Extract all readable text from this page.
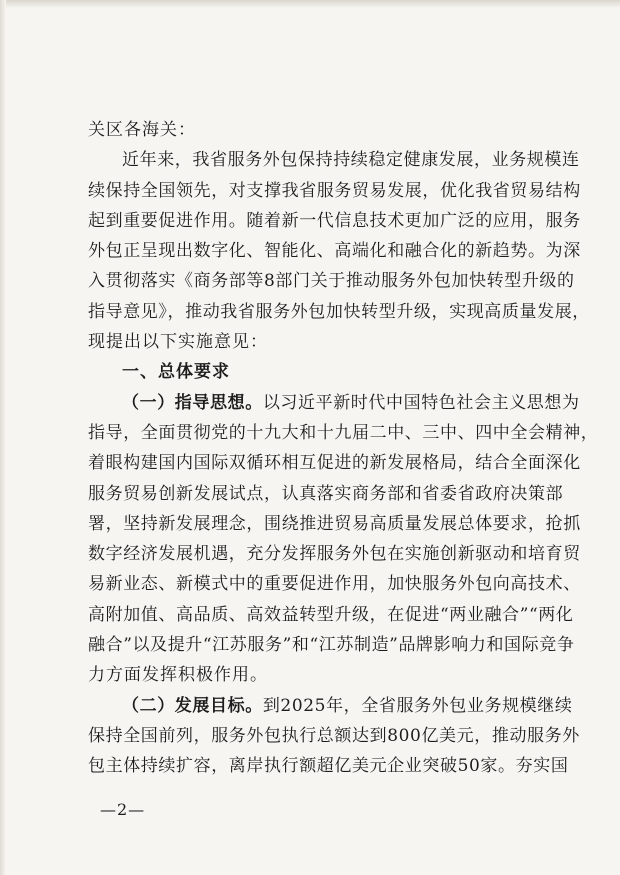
关区各海关：
近年来，我省服务外包保持持续稳定健康发展，业务规模连
续保持全国领先，对支撑我省服务贸易发展，优化我省贸易结构
起到重要促进作用。随着新一代信息技术更加广泛的应用，服务
外包正呈现出数字化、智能化、高端化和融合化的新趋势。为深
入贯彻落实《商务部等8部门关于推动服务外包加快转型升级的
指导意见》，推动我省服务外包加快转型升级，实现高质量发展，
现提出以下实施意见：
一、总体要求
（一）指导思想。以习近平新时代中国特色社会主义思想为
指导，全面贯彻党的十九大和十九届二中、三中、四中全会精神，
着眼构建国内国际双循环相互促进的新发展格局，结合全面深化
服务贸易创新发展试点，认真落实商务部和省委省政府决策部
署，坚持新发展理念，围绕推进贸易高质量发展总体要求，抢抓
数字经济发展机遇，充分发挥服务外包在实施创新驱动和培育贸
易新业态、新模式中的重要促进作用，加快服务外包向高技术、
高附加值、高品质、高效益转型升级，在促进“两业融合”“两化
融合”以及提升“江苏服务”和“江苏制造”品牌影响力和国际竞争
力方面发挥积极作用。
（二）发展目标。到2025年，全省服务外包业务规模继续
保持全国前列，服务外包执行总额达到800亿美元，推动服务外
包主体持续扩容，离岸执行额超亿美元企业突破50家。夯实国
—2—
